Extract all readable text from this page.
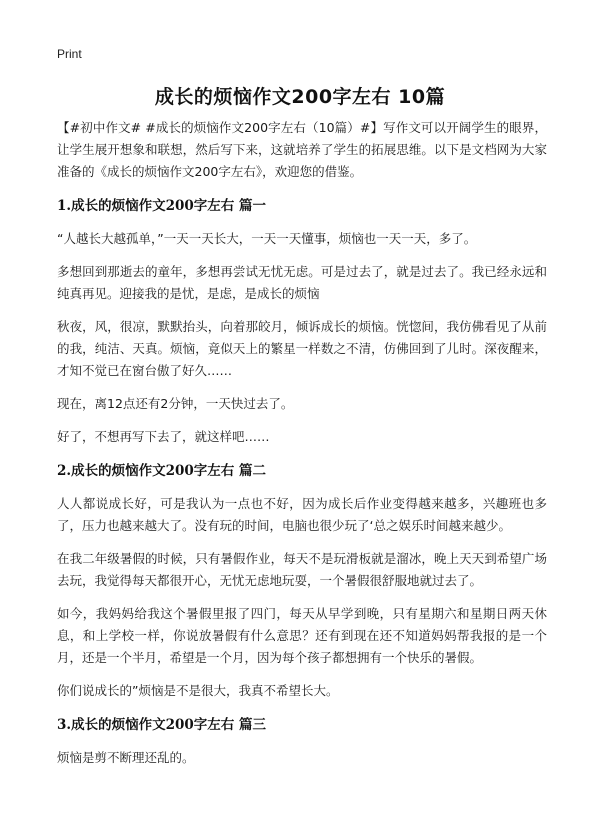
Print
成长的烦恼作文200字左右 10篇

【#初中作文# #成长的烦恼作文200字左右（10篇）#】写作文可以开阔学生的眼界，让学生展开想象和联想，然后写下来，这就培养了学生的拓展思维。以下是文档网为大家准备的《成长的烦恼作文200字左右》，欢迎您的借鉴。

1.成长的烦恼作文200字左右 篇一

“人越长大越孤单，”一天一天长大，一天一天懂事，烦恼也一天一天，多了。

多想回到那逝去的童年，多想再尝试无忧无虑。可是过去了，就是过去了。我已经永远和纯真再见。迎接我的是忧，是虑，是成长的烦恼

秋夜，风，很凉，默默抬头，向着那皎月，倾诉成长的烦恼。恍惚间，我仿佛看见了从前的我，纯洁、天真。烦恼，竟似天上的繁星一样数之不清，仿佛回到了儿时。深夜醒来，才知不觉已在窗台傲了好久……

现在，离12点还有2分钟，一天快过去了。

好了，不想再写下去了，就这样吧……

2.成长的烦恼作文200字左右 篇二

人人都说成长好，可是我认为一点也不好，因为成长后作业变得越来越多，兴趣班也多了，压力也越来越大了。没有玩的时间，电脑也很少玩了‘总之娱乐时间越来越少。

在我二年级暑假的时候，只有暑假作业，每天不是玩滑板就是溜冰，晚上天天到希望广场去玩，我觉得每天都很开心，无忧无虑地玩耍，一个暑假很舒服地就过去了。

如今，我妈妈给我这个暑假里报了四门，每天从早学到晚，只有星期六和星期日两天休息，和上学校一样，你说放暑假有什么意思？还有到现在还不知道妈妈帮我报的是一个月，还是一个半月，希望是一个月，因为每个孩子都想拥有一个快乐的暑假。

你们说成长的”烦恼是不是很大，我真不希望长大。

3.成长的烦恼作文200字左右 篇三

烦恼是剪不断理还乱的。
